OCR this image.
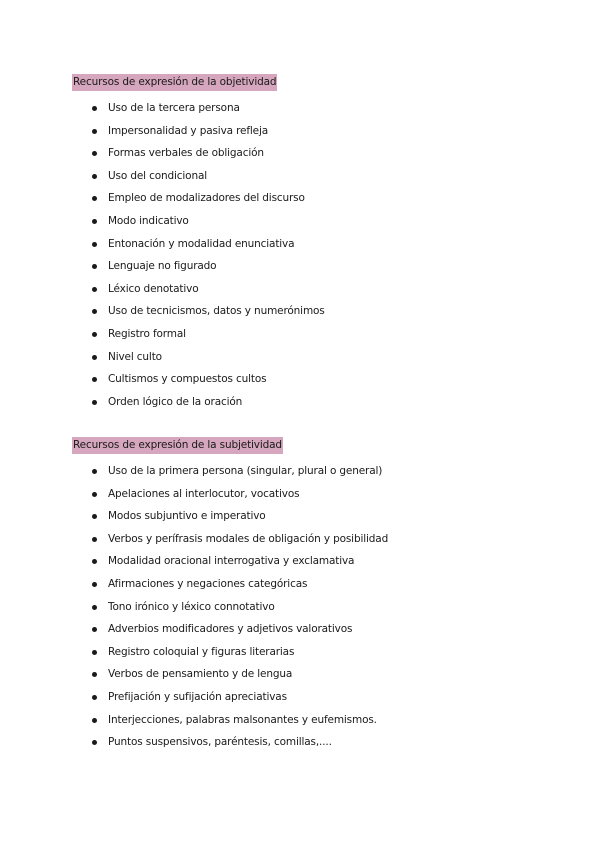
Recursos de expresión de la objetividad
Uso de la tercera persona
Impersonalidad y pasiva refleja
Formas verbales de obligación
Uso del condicional
Empleo de modalizadores del discurso
Modo indicativo
Entonación y modalidad enunciativa
Lenguaje no figurado
Léxico denotativo
Uso de tecnicismos, datos y numerónimos
Registro formal
Nivel culto
Cultismos y compuestos cultos
Orden lógico de la oración
Recursos de expresión de la subjetividad
Uso de la primera persona (singular, plural o general)
Apelaciones al interlocutor, vocativos
Modos subjuntivo e imperativo
Verbos y perífrasis modales de obligación y posibilidad
Modalidad oracional interrogativa y exclamativa
Afirmaciones y negaciones categóricas
Tono irónico y léxico connotativo
Adverbios modificadores y adjetivos valorativos
Registro coloquial y figuras literarias
Verbos de pensamiento y de lengua
Prefijación y sufijación apreciativas
Interjecciones, palabras malsonantes y eufemismos.
Puntos suspensivos, paréntesis, comillas,....
